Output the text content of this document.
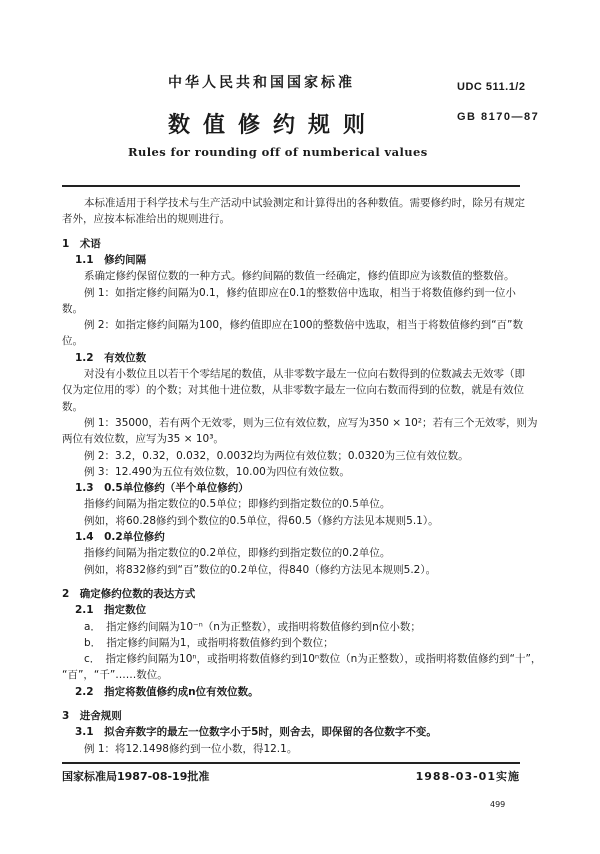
中华人民共和国国家标准
数值修约规则
Rules for rounding off of numberical values
UDC 511.1/2
GB 8170—87
本标准适用于科学技术与生产活动中试验测定和计算得出的各种数值。需要修约时，除另有规定
者外，应按本标准给出的规则进行。
1　术语
1.1　修约间隔
系确定修约保留位数的一种方式。修约间隔的数值一经确定，修约值即应为该数值的整数倍。
例 1：如指定修约间隔为0.1，修约值即应在0.1的整数倍中选取，相当于将数值修约到一位小
数。
例 2：如指定修约间隔为100，修约值即应在100的整数倍中选取，相当于将数值修约到“百”数
位。
1.2　有效位数
对没有小数位且以若干个零结尾的数值，从非零数字最左一位向右数得到的位数减去无效零（即
仅为定位用的零）的个数；对其他十进位数，从非零数字最左一位向右数而得到的位数，就是有效位
数。
例 1：35000，若有两个无效零，则为三位有效位数，应写为350 × 10²；若有三个无效零，则为
两位有效位数，应写为35 × 10³。
例 2：3.2，0.32，0.032，0.0032均为两位有效位数；0.0320为三位有效位数。
例 3：12.490为五位有效位数，10.00为四位有效位数。
1.3　0.5单位修约（半个单位修约）
指修约间隔为指定数位的0.5单位；即修约到指定数位的0.5单位。
例如，将60.28修约到个数位的0.5单位，得60.5（修约方法见本规则5.1）。
1.4　0.2单位修约
指修约间隔为指定数位的0.2单位，即修约到指定数位的0.2单位。
例如，将832修约到“百”数位的0.2单位，得840（修约方法见本规则5.2）。
2　确定修约位数的表达方式
2.1　指定数位
a．　指定修约间隔为10⁻ⁿ（n为正整数），或指明将数值修约到n位小数；
b．　指定修约间隔为1，或指明将数值修约到个数位；
c．　指定修约间隔为10ⁿ，或指明将数值修约到10ⁿ数位（n为正整数），或指明将数值修约到“十”，
“百”，“千”……数位。
2.2　指定将数值修约成n位有效位数。
3　进舍规则
3.1　拟舍弃数字的最左一位数字小于5时，则舍去，即保留的各位数字不变。
例 1：将12.1498修约到一位小数，得12.1。
国家标准局1987-08-19批准	1988-03-01实施
499
